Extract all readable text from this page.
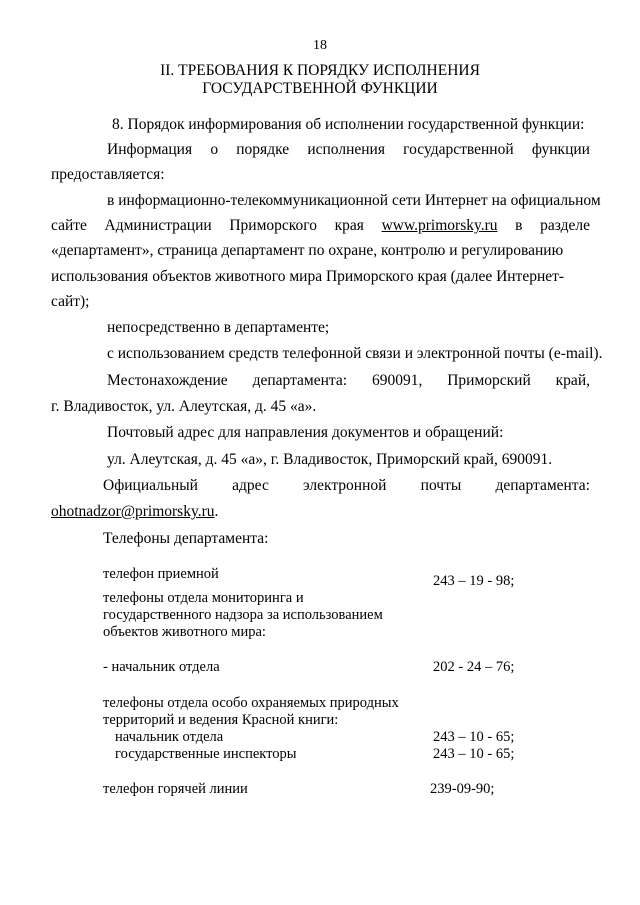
18
II. ТРЕБОВАНИЯ К ПОРЯДКУ ИСПОЛНЕНИЯ
ГОСУДАРСТВЕННОЙ ФУНКЦИИ
8. Порядок информирования об исполнении государственной функции:
Информация о порядке исполнения государственной функции
предоставляется:
в информационно-телекоммуникационной сети Интернет на официальном
сайте Администрации Приморского края www.primorsky.ru в разделе
«департамент», страница департамент по охране, контролю и регулированию
использования объектов животного мира Приморского края (далее Интернет-
сайт);
непосредственно в департаменте;
с использованием средств телефонной связи и электронной почты (e-mail).
Местонахождение департамента: 690091, Приморский край,
г. Владивосток, ул. Алеутская, д. 45 «а».
Почтовый адрес для направления документов и обращений:
ул. Алеутская, д. 45 «а», г. Владивосток, Приморский край, 690091.
Официальный адрес электронной почты департамента:
ohotnadzor@primorsky.ru.
Телефоны департамента:
телефон приемной	243 – 19 - 98;
телефоны отдела мониторинга и
государственного надзора за использованием
объектов животного мира:
- начальник отдела	202 - 24 – 76;
телефоны отдела особо охраняемых природных
территорий и ведения Красной книги:
начальник отдела	243 – 10 - 65;
государственные инспекторы	243 – 10 - 65;
телефон горячей линии	239-09-90;
